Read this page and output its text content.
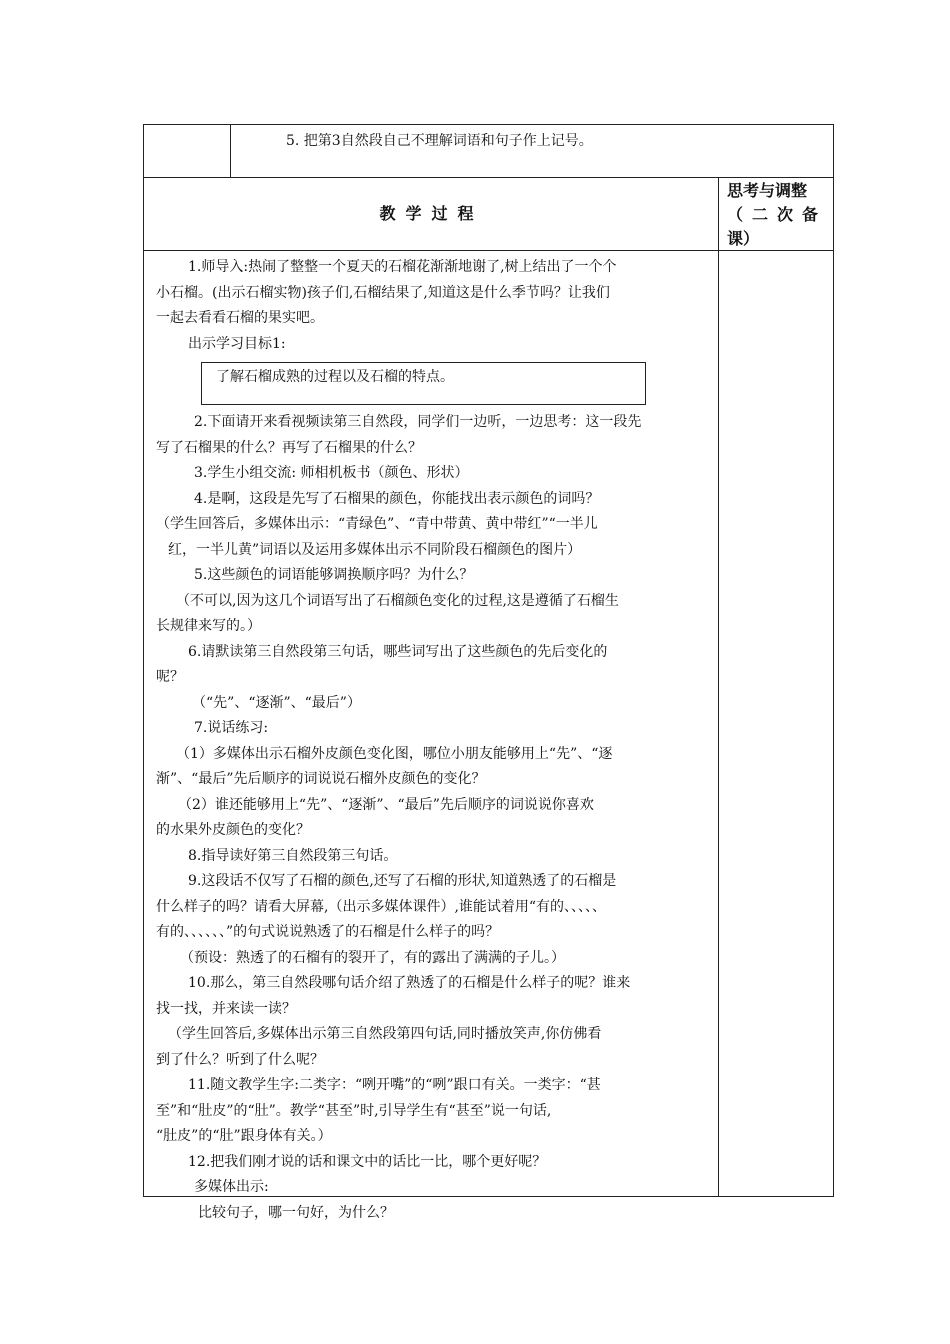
5. 把第3自然段自己不理解词语和句子作上记号。
教学过程
思考与调整
（二次备
课）

1.师导入:热闹了整整一个夏天的石榴花渐渐地谢了,树上结出了一个个

小石榴。(出示石榴实物)孩子们,石榴结果了,知道这是什么季节吗？让我们

一起去看看石榴的果实吧。

出示学习目标1:

了解石榴成熟的过程以及石榴的特点。

2.下面请开来看视频读第三自然段，同学们一边听，一边思考：这一段先

写了石榴果的什么？再写了石榴果的什么？

3.学生小组交流: 师相机板书（颜色、形状）

4.是啊，这段是先写了石榴果的颜色，你能找出表示颜色的词吗？

（学生回答后，多媒体出示：“青绿色”、“青中带黄、黄中带红”“一半儿

红，一半儿黄”词语以及运用多媒体出示不同阶段石榴颜色的图片）

5.这些颜色的词语能够调换顺序吗？为什么？

（不可以,因为这几个词语写出了石榴颜色变化的过程,这是遵循了石榴生

长规律来写的。）

6.请默读第三自然段第三句话，哪些词写出了这些颜色的先后变化的

呢？

（“先”、“逐渐”、“最后”）

7.说话练习:

（1）多媒体出示石榴外皮颜色变化图，哪位小朋友能够用上“先”、“逐

渐”、“最后”先后顺序的词说说石榴外皮颜色的变化？

（2）谁还能够用上“先”、“逐渐”、“最后”先后顺序的词说说你喜欢

的水果外皮颜色的变化？

8.指导读好第三自然段第三句话。

9.这段话不仅写了石榴的颜色,还写了石榴的形状,知道熟透了的石榴是

什么样子的吗？请看大屏幕,（出示多媒体课件）,谁能试着用“有的、、、、、

有的、、、、、、”的句式说说熟透了的石榴是什么样子的吗？

（预设：熟透了的石榴有的裂开了，有的露出了满满的子儿。）

10.那么，第三自然段哪句话介绍了熟透了的石榴是什么样子的呢？谁来

找一找，并来读一读？

（学生回答后,多媒体出示第三自然段第四句话,同时播放笑声,你仿佛看

到了什么？听到了什么呢？

11.随文教学生字:二类字：“咧开嘴”的“咧”跟口有关。一类字：“甚

至”和“肚皮”的“肚”。教学“甚至”时,引导学生有“甚至”说一句话,

“肚皮”的“肚”跟身体有关。）

12.把我们刚才说的话和课文中的话比一比，哪个更好呢？

多媒体出示:

比较句子，哪一句好，为什么？
